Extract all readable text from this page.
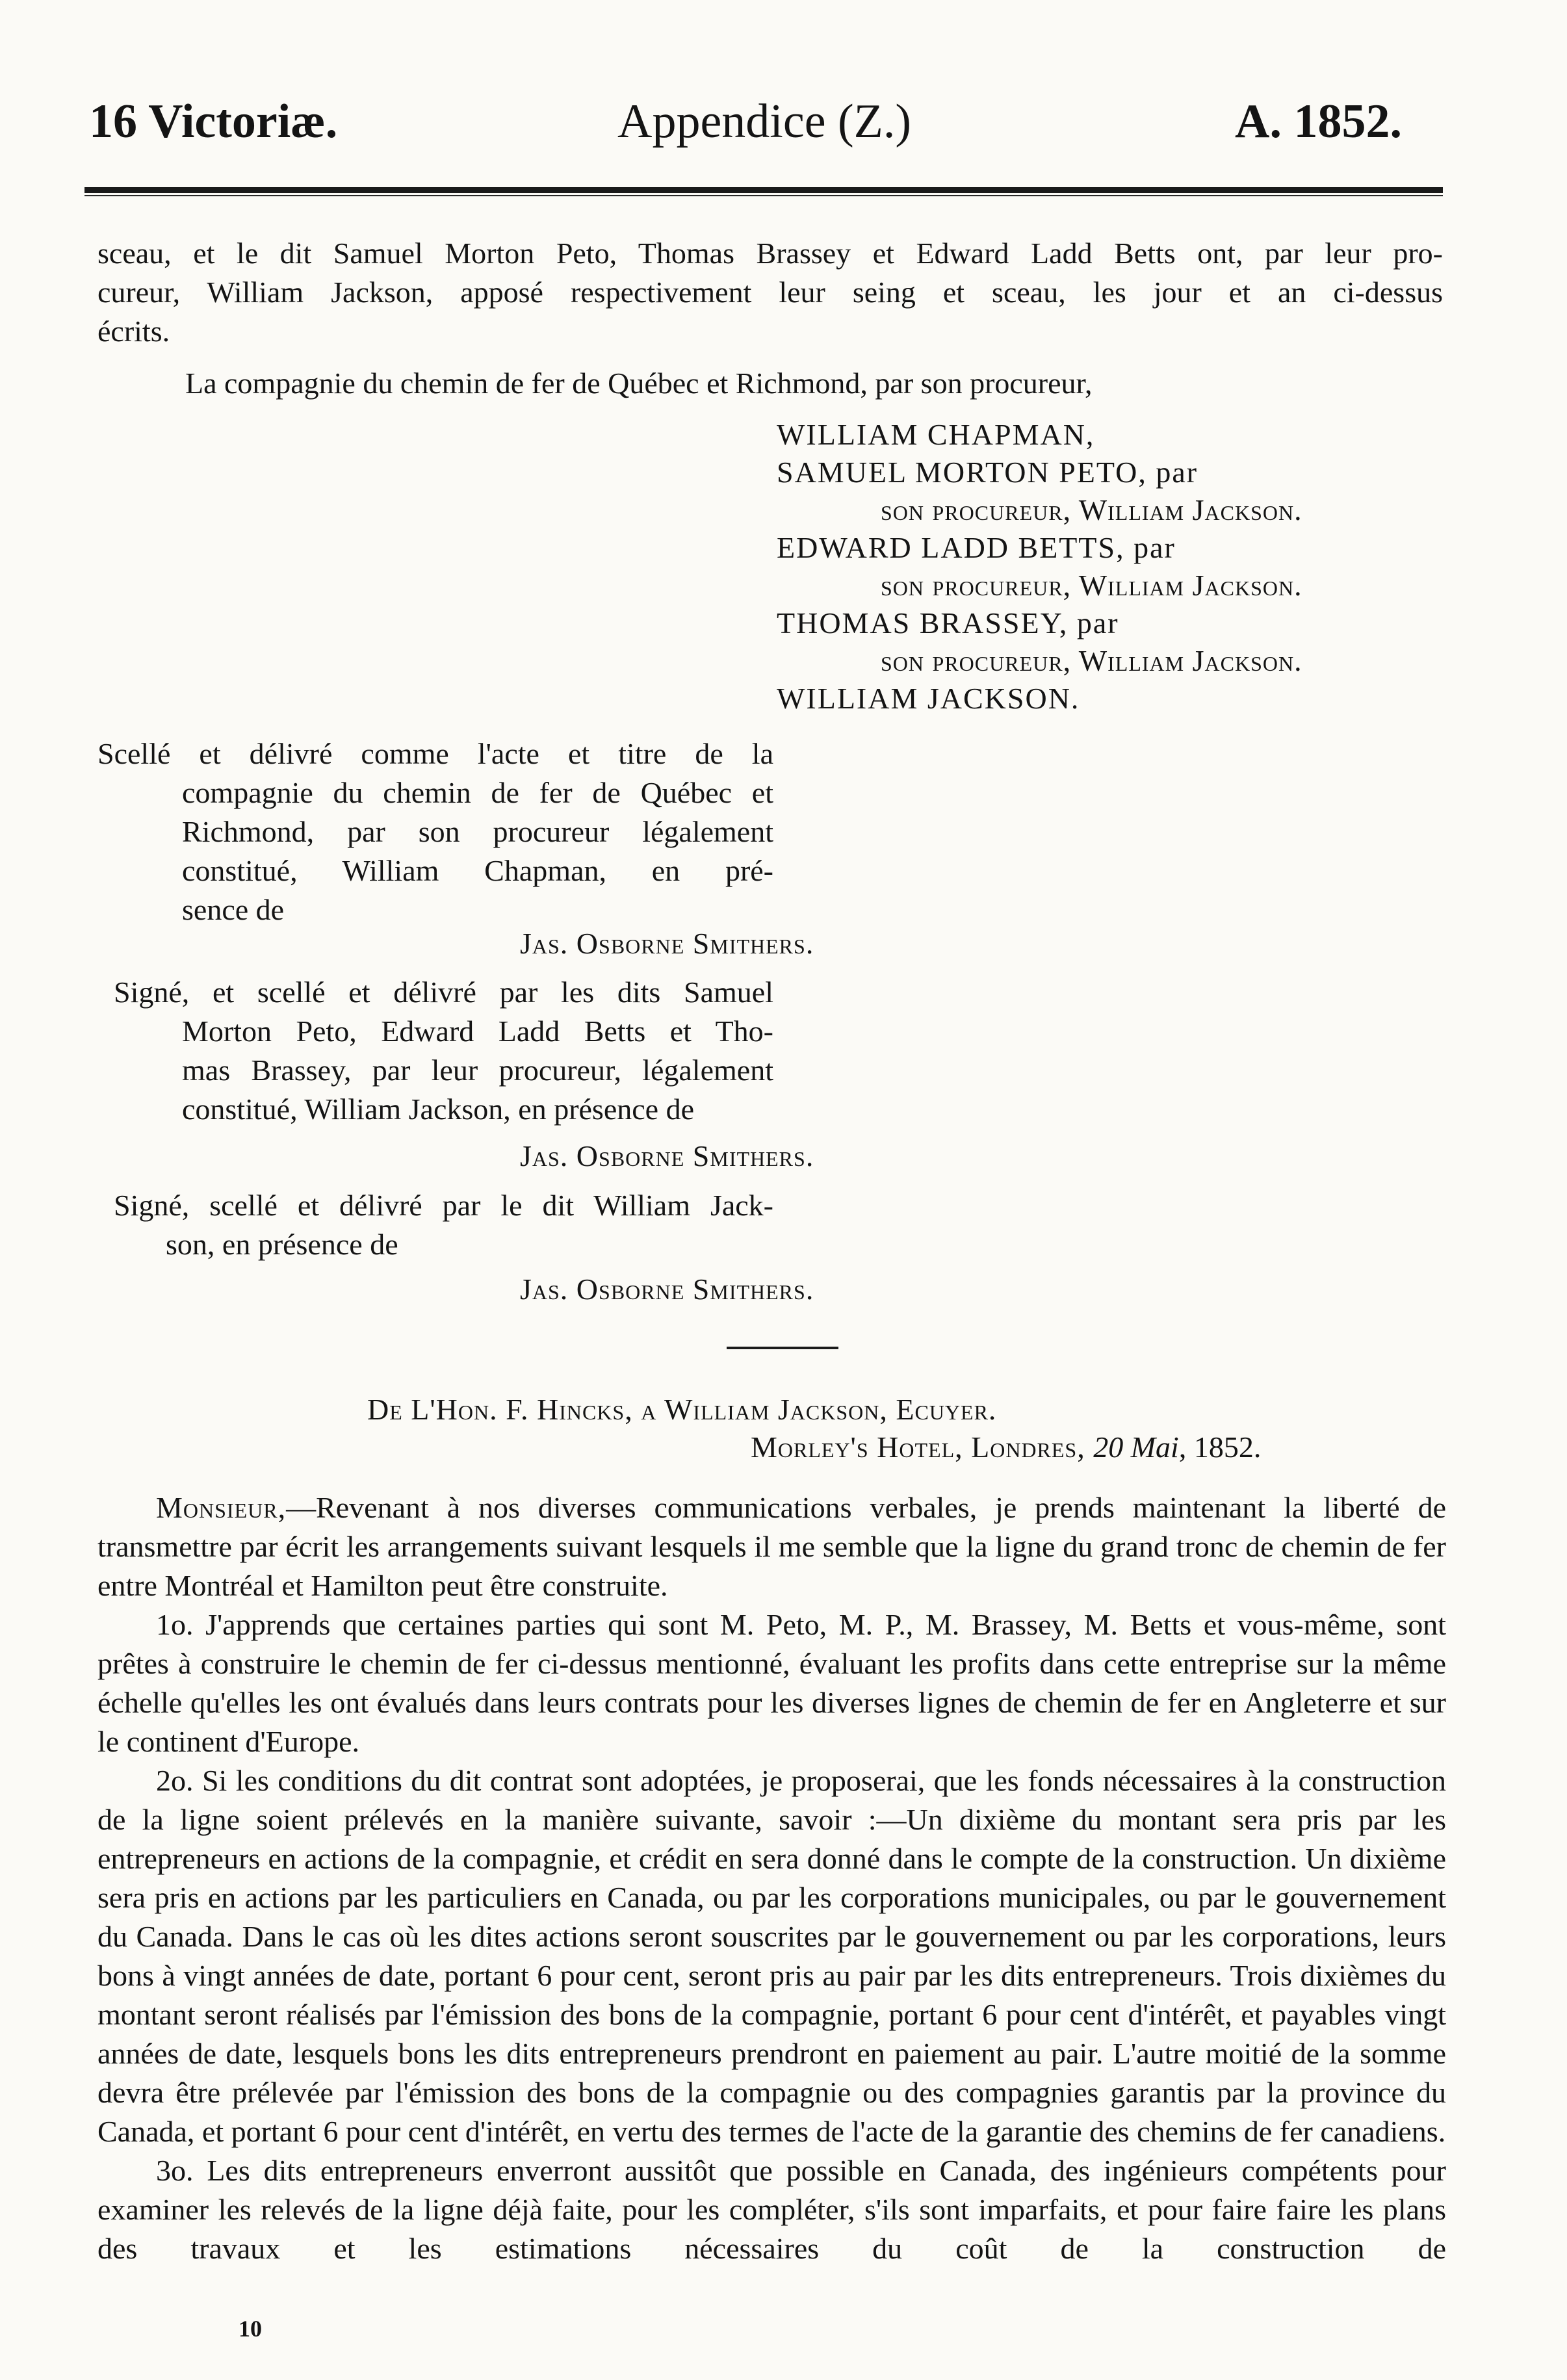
16 Victoriæ.	Appendice (Z.)	A. 1852.

sceau, et le dit Samuel Morton Peto, Thomas Brassey et Edward Ladd Betts ont, par leur pro-

cureur, William Jackson, apposé respectivement leur seing et sceau, les jour et an ci-dessus

écrits.

La compagnie du chemin de fer de Québec et Richmond, par son procureur,

WILLIAM CHAPMAN,
SAMUEL MORTON PETO, par
son procureur, William Jackson.
EDWARD LADD BETTS, par
son procureur, William Jackson.
THOMAS BRASSEY, par
son procureur, William Jackson.
WILLIAM JACKSON.

Scellé et délivré comme l'acte et titre de la

compagnie du chemin de fer de Québec et

Richmond, par son procureur légalement

constitué, William Chapman, en pré-

sence de

Jas. Osborne Smithers.

Signé, et scellé et délivré par les dits Samuel

Morton Peto, Edward Ladd Betts et Tho-

mas Brassey, par leur procureur, légalement

constitué, William Jackson, en présence de

Jas. Osborne Smithers.

Signé, scellé et délivré par le dit William Jack-

son, en présence de

Jas. Osborne Smithers.
De L'Hon. F. Hincks, a William Jackson, Ecuyer.
Morley's Hotel, Londres, 20 Mai, 1852.

Monsieur,—Revenant à nos diverses communications verbales, je prends maintenant la liberté de transmettre par écrit les arrangements suivant lesquels il me semble que la ligne du grand tronc de chemin de fer entre Montréal et Hamilton peut être construite.

1o. J'apprends que certaines parties qui sont M. Peto, M. P., M. Brassey, M. Betts et vous-même, sont prêtes à construire le chemin de fer ci-dessus mentionné, évaluant les profits dans cette entreprise sur la même échelle qu'elles les ont évalués dans leurs contrats pour les diverses lignes de chemin de fer en Angleterre et sur le continent d'Europe.

2o. Si les conditions du dit contrat sont adoptées, je proposerai, que les fonds nécessaires à la construction de la ligne soient prélevés en la manière suivante, savoir :—Un dixième du montant sera pris par les entrepreneurs en actions de la compagnie, et crédit en sera donné dans le compte de la construction. Un dixième sera pris en actions par les particuliers en Canada, ou par les corporations municipales, ou par le gouvernement du Canada. Dans le cas où les dites actions seront souscrites par le gouvernement ou par les corporations, leurs bons à vingt années de date, portant 6 pour cent, seront pris au pair par les dits entrepreneurs. Trois dixièmes du montant seront réalisés par l'émission des bons de la compagnie, portant 6 pour cent d'intérêt, et payables vingt années de date, lesquels bons les dits entrepreneurs prendront en paiement au pair. L'autre moitié de la somme devra être prélevée par l'émission des bons de la compagnie ou des compagnies garantis par la province du Canada, et portant 6 pour cent d'intérêt, en vertu des termes de l'acte de la garantie des chemins de fer canadiens.

3o. Les dits entrepreneurs enverront aussitôt que possible en Canada, des ingénieurs compétents pour examiner les relevés de la ligne déjà faite, pour les compléter, s'ils sont imparfaits, et pour faire faire les plans des travaux et les estimations nécessaires du coût de la construction de

10
